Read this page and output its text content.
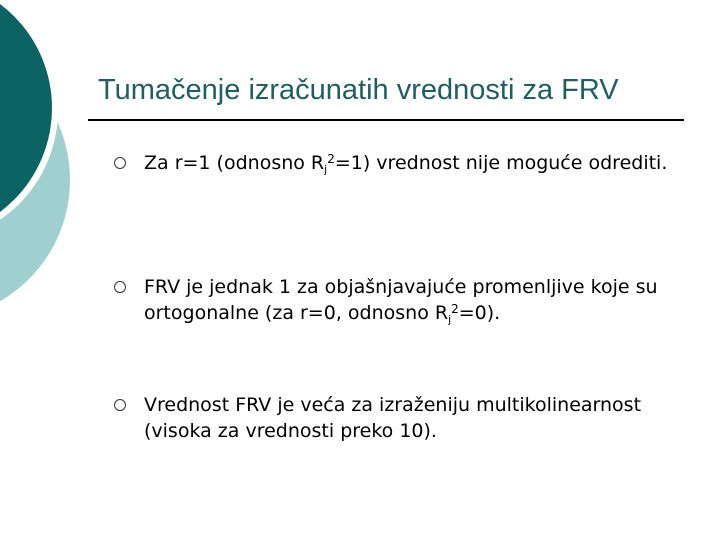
Tumačenje izračunatih vrednosti za FRV
Za r=1 (odnosno $R_j^2=1$) vrednost nije moguće odrediti.
FRV je jednak 1 za objašnjavajuće promenljive koje su ortogonalne (za r=0, odnosno $R_j^2=0$).
Vrednost FRV je veća za izraženiju multikolinearnost (visoka za vrednosti preko 10).
